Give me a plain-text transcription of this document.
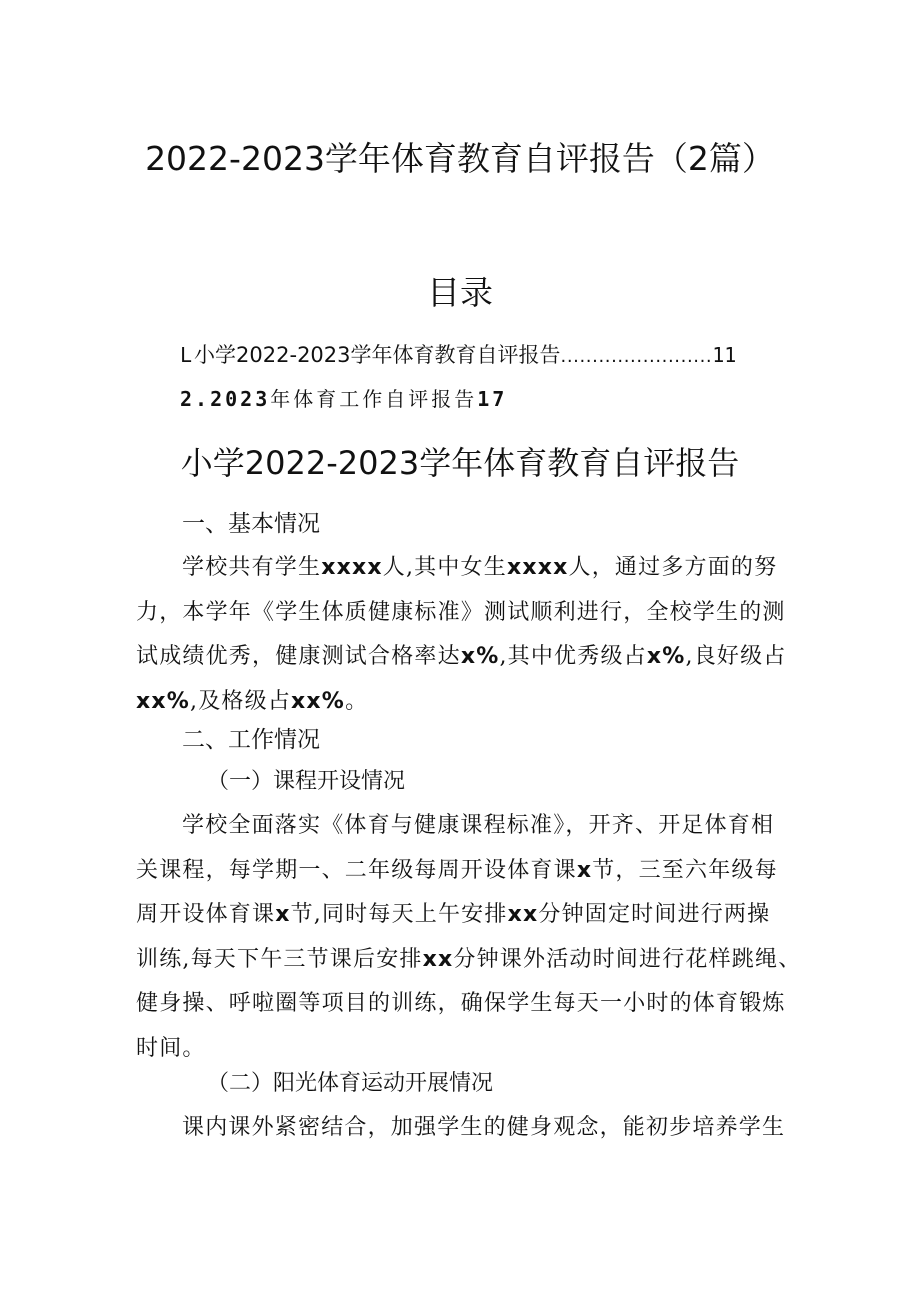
2022-2023学年体育教育自评报告（2篇）
目录
L 小学2022-2023学年体育教育自评报告 ........................ 11
2.2023年体育工作自评报告17
小学2022-2023学年体育教育自评报告
一、基本情况
学校共有学生xxxx人,其中女生xxxx人，通过多方面的努
力，本学年《学生体质健康标准》测试顺利进行，全校学生的测
试成绩优秀，健康测试合格率达x%,其中优秀级占x%,良好级占
xx%,及格级占xx%。
二、工作情况
（一）课程开设情况
学校全面落实《体育与健康课程标准》，开齐、开足体育相
关课程，每学期一、二年级每周开设体育课x节，三至六年级每
周开设体育课x节,同时每天上午安排xx分钟固定时间进行两操
训练,每天下午三节课后安排xx分钟课外活动时间进行花样跳绳、
健身操、呼啦圈等项目的训练，确保学生每天一小时的体育锻炼
时间。
（二）阳光体育运动开展情况
课内课外紧密结合，加强学生的健身观念，能初步培养学生
